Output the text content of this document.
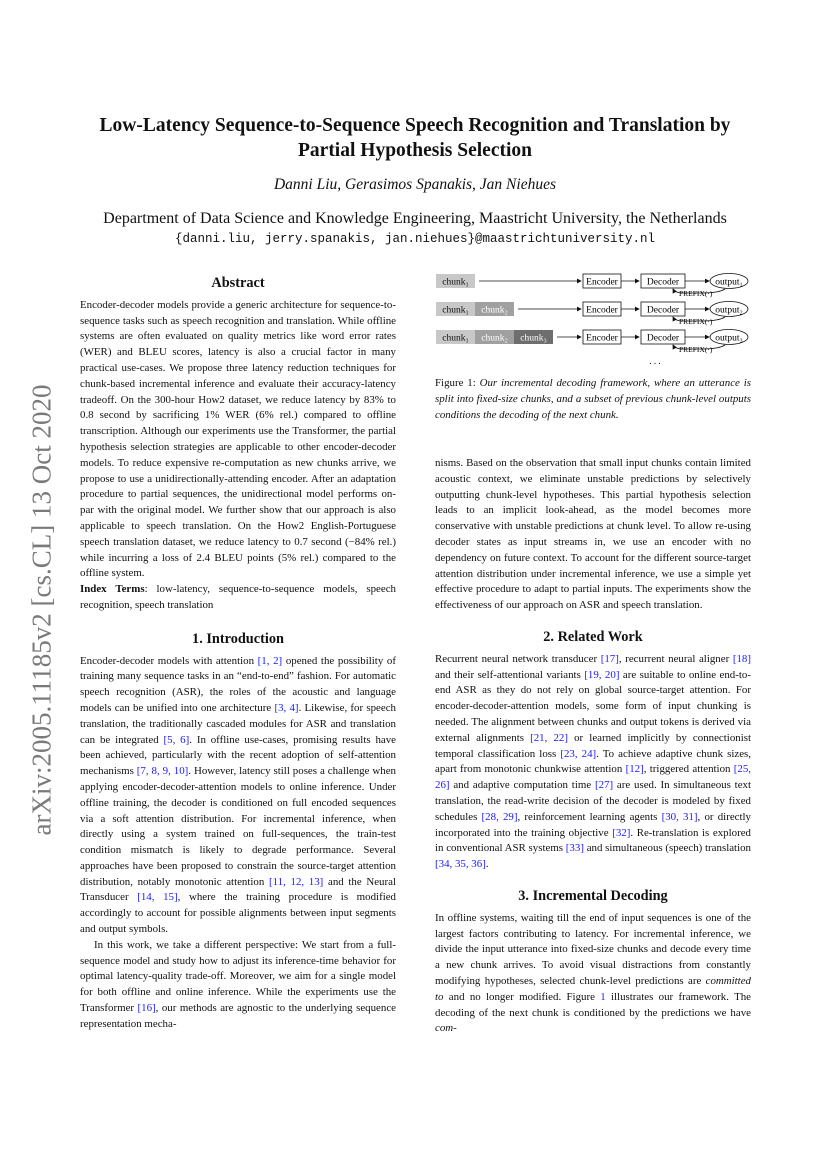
Low-Latency Sequence-to-Sequence Speech Recognition and Translation by
Partial Hypothesis Selection
Danni Liu, Gerasimos Spanakis, Jan Niehues
Department of Data Science and Knowledge Engineering, Maastricht University, the Netherlands
{danni.liu, jerry.spanakis, jan.niehues}@maastrichtuniversity.nl
arXiv:2005.11185v2 [cs.CL] 13 Oct 2020

Abstract

Encoder-decoder models provide a generic architecture for sequence-to-sequence tasks such as speech recognition and translation. While offline systems are often evaluated on quality metrics like word error rates (WER) and BLEU scores, latency is also a crucial factor in many practical use-cases. We propose three latency reduction techniques for chunk-based incremental inference and evaluate their accuracy-latency tradeoff. On the 300-hour How2 dataset, we reduce latency by 83% to 0.8 second by sacrificing 1% WER (6% rel.) compared to offline transcription. Although our experiments use the Transformer, the partial hypothesis selection strategies are applicable to other encoder-decoder models. To reduce expensive re-computation as new chunks arrive, we propose to use a unidirectionally-attending encoder. After an adaptation procedure to partial sequences, the unidirectional model performs on-par with the original model. We further show that our approach is also applicable to speech translation. On the How2 English-Portuguese speech translation dataset, we reduce latency to 0.7 second (−84% rel.) while incurring a loss of 2.4 BLEU points (5% rel.) compared to the offline system.

Index Terms: low-latency, sequence-to-sequence models, speech recognition, speech translation

1. Introduction

Encoder-decoder models with attention [1, 2] opened the possibility of training many sequence tasks in an “end-to-end” fashion. For automatic speech recognition (ASR), the roles of the acoustic and language models can be unified into one architecture [3, 4]. Likewise, for speech translation, the traditionally cascaded modules for ASR and translation can be integrated [5, 6]. In offline use-cases, promising results have been achieved, particularly with the recent adoption of self-attention mechanisms [7, 8, 9, 10]. However, latency still poses a challenge when applying encoder-decoder-attention models to online inference. Under offline training, the decoder is conditioned on full encoded sequences via a soft attention distribution. For incremental inference, when directly using a system trained on full-sequences, the train-test condition mismatch is likely to degrade performance. Several approaches have been proposed to constrain the source-target attention distribution, notably monotonic attention [11, 12, 13] and the Neural Transducer [14, 15], where the training procedure is modified accordingly to account for possible alignments between input segments and output symbols.

In this work, we take a different perspective: We start from a full-sequence model and study how to adjust its inference-time behavior for optimal latency-quality trade-off. Moreover, we aim for a single model for both offline and online inference. While the experiments use the Transformer [16], our methods are agnostic to the underlying sequence representation mecha-

chunk₁	Encoder	Decoder	output₁
PREFIX(·)
chunk₁ chunk₂	Encoder	Decoder	output₂
PREFIX(·)
chunk₁ chunk₂ chunk₃	Encoder	Decoder	output₃
PREFIX(·)
. . .
Figure 1: Our incremental decoding framework, where an utterance is split into fixed-size chunks, and a subset of previous chunk-level outputs conditions the decoding of the next chunk.

nisms. Based on the observation that small input chunks contain limited acoustic context, we eliminate unstable predictions by selectively outputting chunk-level hypotheses. This partial hypothesis selection leads to an implicit look-ahead, as the model becomes more conservative with unstable predictions at chunk level. To allow re-using decoder states as input streams in, we use an encoder with no dependency on future context. To account for the different source-target attention distribution under incremental inference, we use a simple yet effective procedure to adapt to partial inputs. The experiments show the effectiveness of our approach on ASR and speech translation.

2. Related Work

Recurrent neural network transducer [17], recurrent neural aligner [18] and their self-attentional variants [19, 20] are suitable to online end-to-end ASR as they do not rely on global source-target attention. For encoder-decoder-attention models, some form of input chunking is needed. The alignment between chunks and output tokens is derived via external alignments [21, 22] or learned implicitly by connectionist temporal classification loss [23, 24]. To achieve adaptive chunk sizes, apart from monotonic chunkwise attention [12], triggered attention [25, 26] and adaptive computation time [27] are used. In simultaneous text translation, the read-write decision of the decoder is modeled by fixed schedules [28, 29], reinforcement learning agents [30, 31], or directly incorporated into the training objective [32]. Re-translation is explored in conventional ASR systems [33] and simultaneous (speech) translation [34, 35, 36].

3. Incremental Decoding

In offline systems, waiting till the end of input sequences is one of the largest factors contributing to latency. For incremental inference, we divide the input utterance into fixed-size chunks and decode every time a new chunk arrives. To avoid visual distractions from constantly modifying hypotheses, selected chunk-level predictions are committed to and no longer modified. Figure 1 illustrates our framework. The decoding of the next chunk is conditioned by the predictions we have com-
